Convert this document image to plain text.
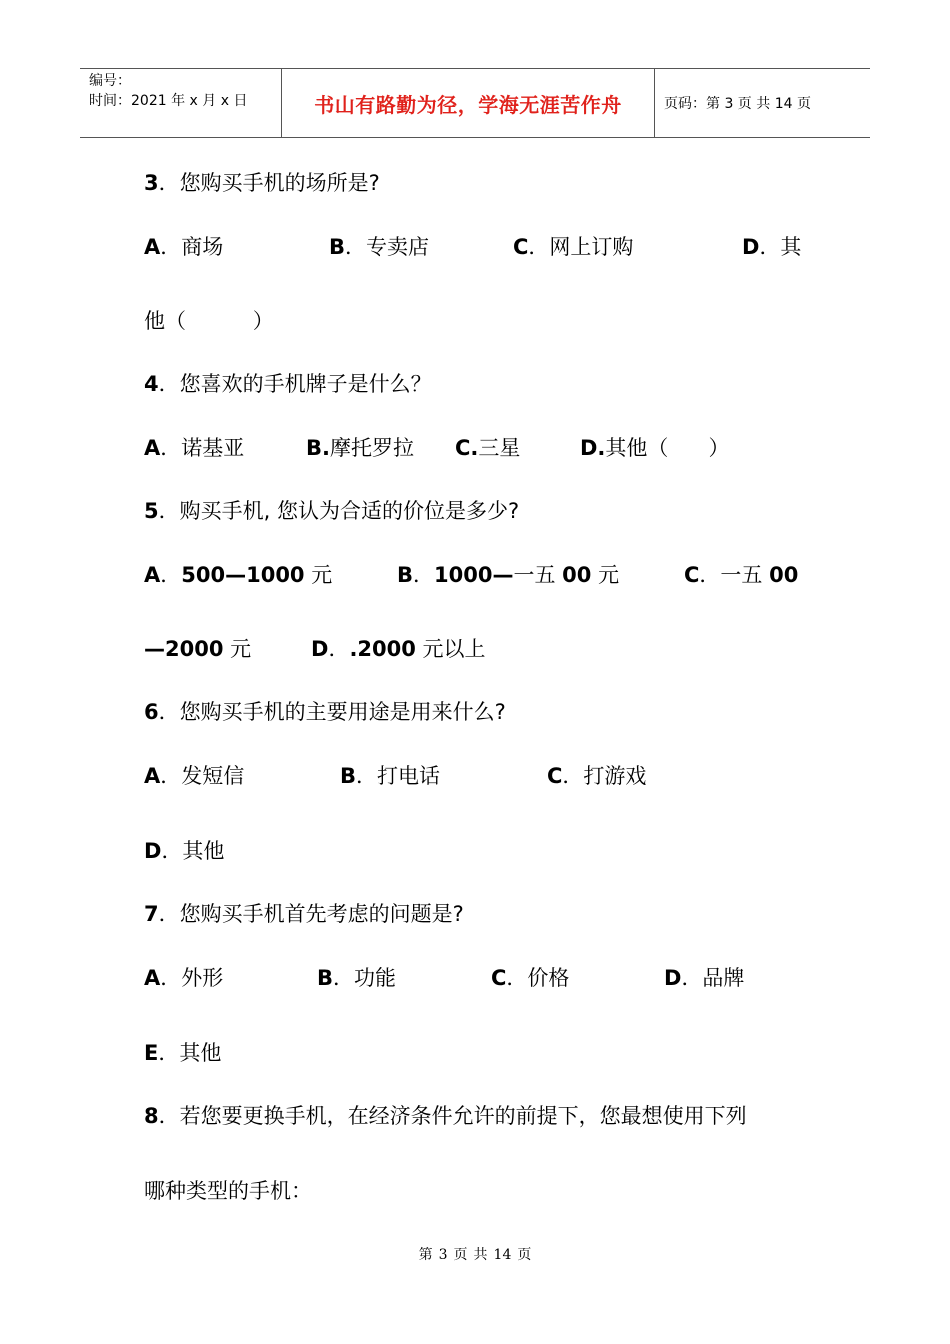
编号：
时间：2021 年 x 月 x 日	书山有路勤为径，学海无涯苦作舟	页码：第 3 页 共 14 页
3．您购买手机的场所是?
A．商场	B．专卖店	C．网上订购	D．其
他（          ）
4．您喜欢的手机牌子是什么？
A．诺基亚	B.摩托罗拉 C.三星	D.其他（      ）
5．购买手机, 您认为合适的价位是多少?
A．500—1000 元	B．1000—一五 00 元	C．一五 00
—2000 元	D．.2000 元以上
6．您购买手机的主要用途是用来什么?
A．发短信	B．打电话	C．打游戏
D．其他
7．您购买手机首先考虑的问题是?
A．外形	B．功能	C．价格	D．品牌
E．其他
8．若您要更换手机，在经济条件允许的前提下，您最想使用下列
哪种类型的手机：
第 3 页 共 14 页
